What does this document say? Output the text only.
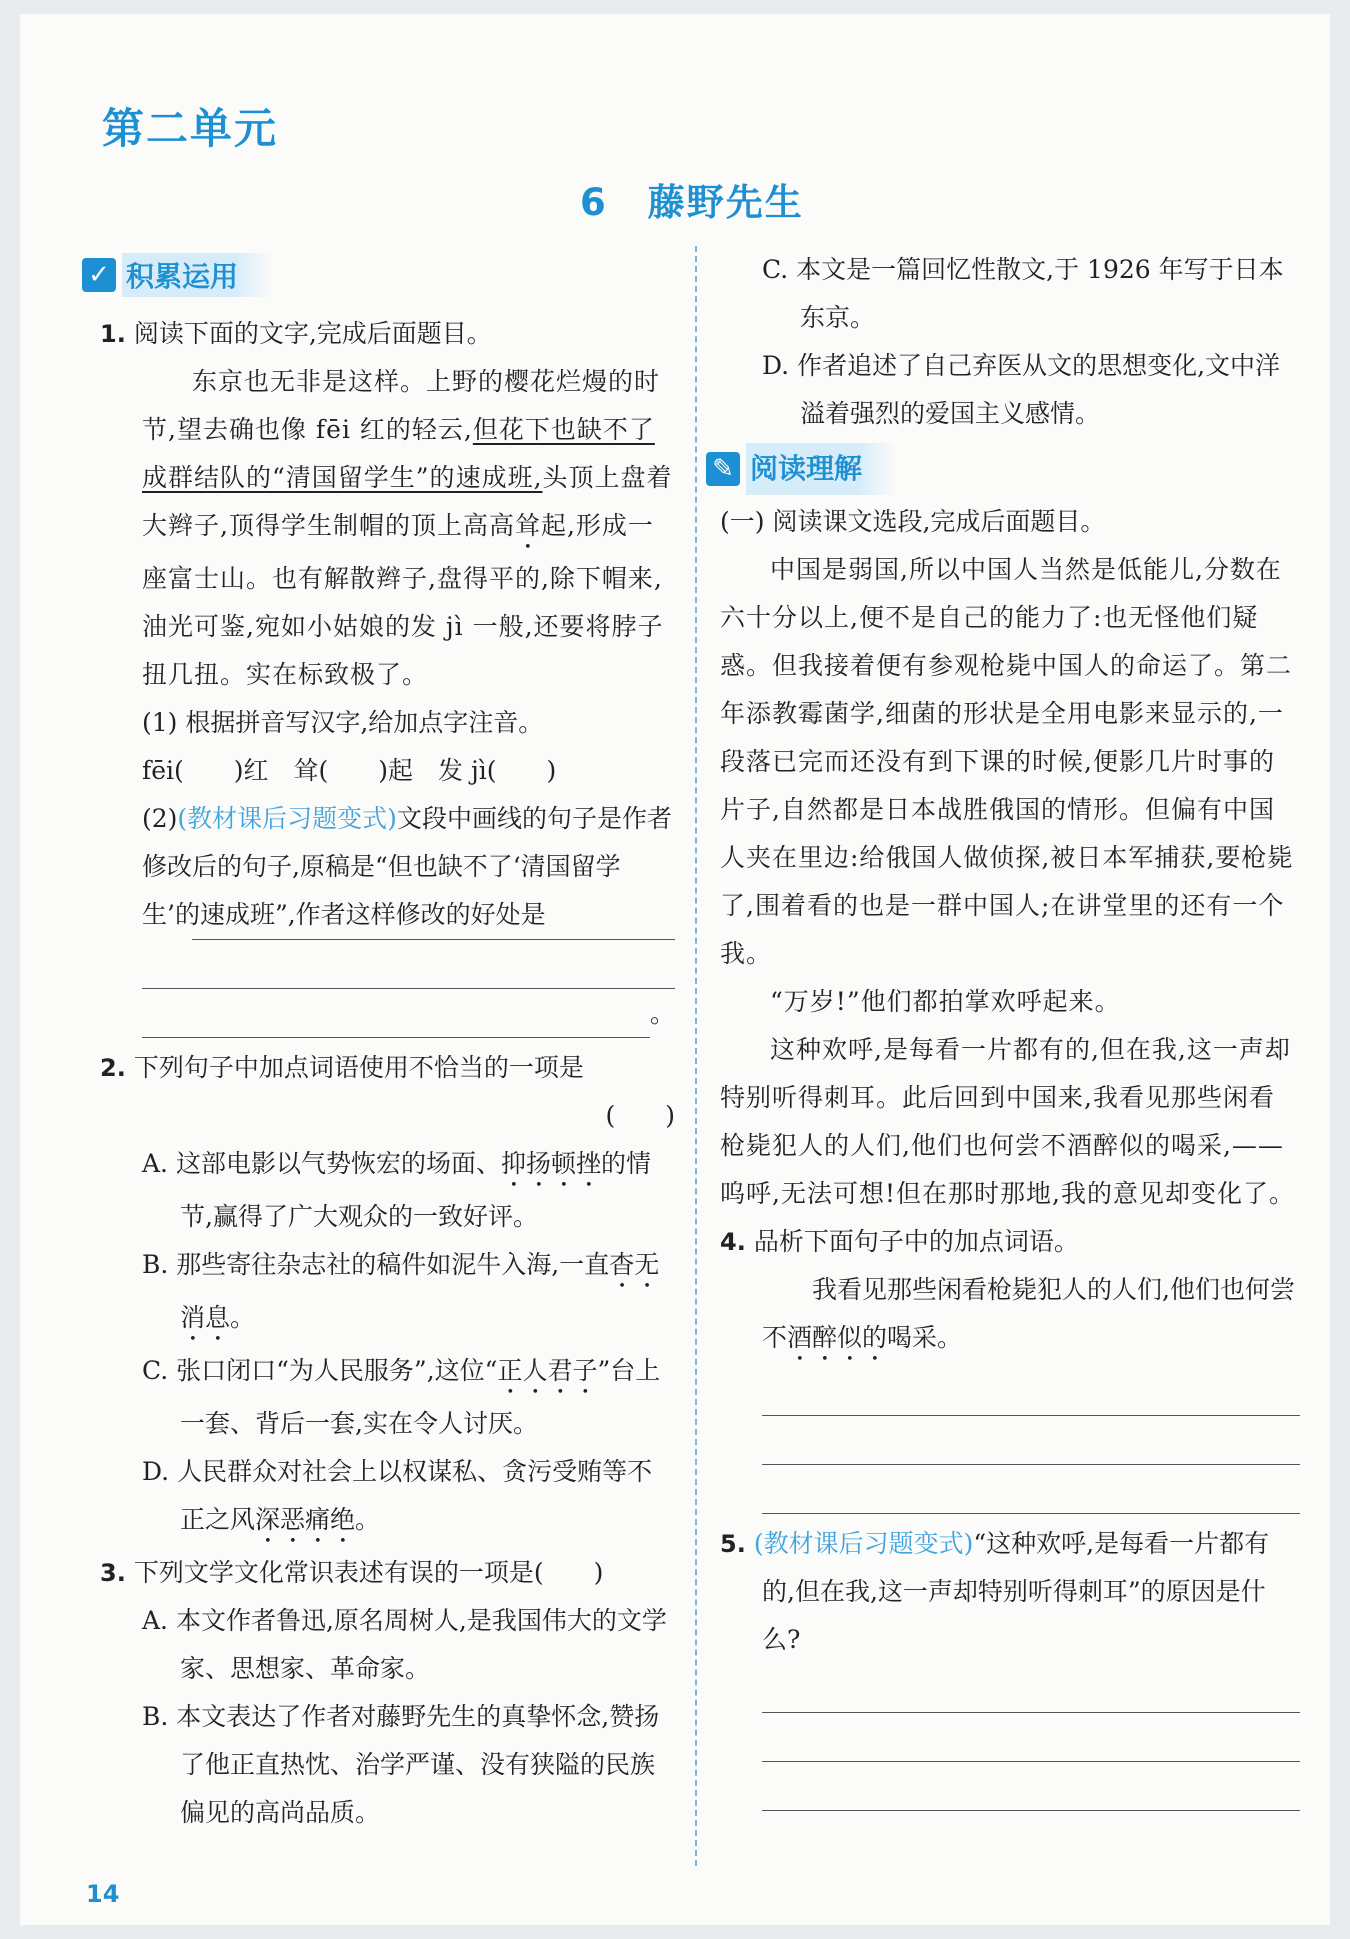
第二单元
6 藤野先生
✓ 积累运用

1. 阅读下面的文字,完成后面题目。

东京也无非是这样。上野的樱花烂熳的时节,望去确也像 fēi 红的轻云,但花下也缺不了成群结队的“清国留学生”的速成班,头顶上盘着大辫子,顶得学生制帽的顶上高高耸起,形成一座富士山。也有解散辫子,盘得平的,除下帽来,油光可鉴,宛如小姑娘的发 jì 一般,还要将脖子扭几扭。实在标致极了。

(1) 根据拼音写汉字,给加点字注音。

fēi(　　)红　耸(　　)起　发 jì(　　)

(2)(教材课后习题变式)文段中画线的句子是作者修改后的句子,原稿是“但也缺不了‘清国留学生’的速成班”,作者这样修改的好处是

。

2. 下列句子中加点词语使用不恰当的一项是

(　　)

A. 这部电影以气势恢宏的场面、抑扬顿挫的情节,赢得了广大观众的一致好评。

B. 那些寄往杂志社的稿件如泥牛入海,一直杳无消息。

C. 张口闭口“为人民服务”,这位“正人君子”台上一套、背后一套,实在令人讨厌。

D. 人民群众对社会上以权谋私、贪污受贿等不正之风深恶痛绝。

3. 下列文学文化常识表述有误的一项是(　　)

A. 本文作者鲁迅,原名周树人,是我国伟大的文学家、思想家、革命家。

B. 本文表达了作者对藤野先生的真挚怀念,赞扬了他正直热忱、治学严谨、没有狭隘的民族偏见的高尚品质。

C. 本文是一篇回忆性散文,于 1926 年写于日本东京。

D. 作者追述了自己弃医从文的思想变化,文中洋溢着强烈的爱国主义感情。

✎ 阅读理解

(一) 阅读课文选段,完成后面题目。

中国是弱国,所以中国人当然是低能儿,分数在六十分以上,便不是自己的能力了:也无怪他们疑惑。但我接着便有参观枪毙中国人的命运了。第二年添教霉菌学,细菌的形状是全用电影来显示的,一段落已完而还没有到下课的时候,便影几片时事的片子,自然都是日本战胜俄国的情形。但偏有中国人夹在里边:给俄国人做侦探,被日本军捕获,要枪毙了,围着看的也是一群中国人;在讲堂里的还有一个我。

“万岁!”他们都拍掌欢呼起来。

这种欢呼,是每看一片都有的,但在我,这一声却特别听得刺耳。此后回到中国来,我看见那些闲看枪毙犯人的人们,他们也何尝不酒醉似的喝采,——呜呼,无法可想!但在那时那地,我的意见却变化了。

4. 品析下面句子中的加点词语。

我看见那些闲看枪毙犯人的人们,他们也何尝不酒醉似的喝采。

5. (教材课后习题变式)“这种欢呼,是每看一片都有的,但在我,这一声却特别听得刺耳”的原因是什么?

14
